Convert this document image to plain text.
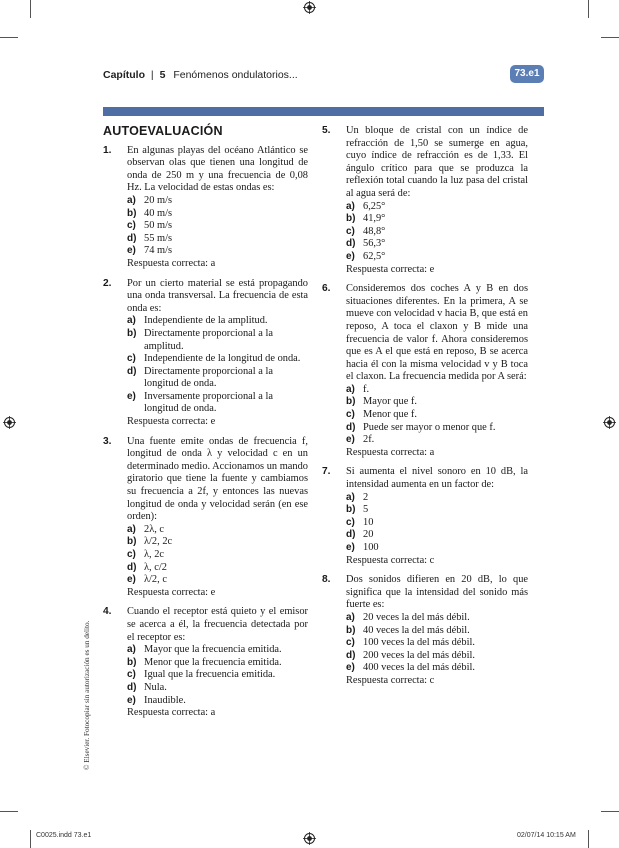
Capítulo | 5 Fenómenos ondulatorios...	73.e1
AUTOEVALUACIÓN
1. En algunas playas del océano Atlántico se observan olas que tienen una longitud de onda de 250 m y una frecuencia de 0,08 Hz. La velocidad de estas ondas es:
a) 20 m/s
b) 40 m/s
c) 50 m/s
d) 55 m/s
e) 74 m/s
Respuesta correcta: a
2. Por un cierto material se está propagando una onda transversal. La frecuencia de esta onda es:
a) Independiente de la amplitud.
b) Directamente proporcional a la amplitud.
c) Independiente de la longitud de onda.
d) Directamente proporcional a la longitud de onda.
e) Inversamente proporcional a la longitud de onda.
Respuesta correcta: e
3. Una fuente emite ondas de frecuencia f, longitud de onda λ y velocidad c en un determinado medio. Accionamos un mando giratorio que tiene la fuente y cambiamos su frecuencia a 2f, y entonces las nuevas longitud de onda y velocidad serán (en ese orden):
a) 2λ, c
b) λ/2, 2c
c) λ, 2c
d) λ, c/2
e) λ/2, c
Respuesta correcta: e
4. Cuando el receptor está quieto y el emisor se acerca a él, la frecuencia detectada por el receptor es:
a) Mayor que la frecuencia emitida.
b) Menor que la frecuencia emitida.
c) Igual que la frecuencia emitida.
d) Nula.
e) Inaudible.
Respuesta correcta: a
5. Un bloque de cristal con un índice de refracción de 1,50 se sumerge en agua, cuyo índice de refracción es de 1,33. El ángulo crítico para que se produzca la reflexión total cuando la luz pasa del cristal al agua será de:
a) 6,25°
b) 41,9°
c) 48,8°
d) 56,3°
e) 62,5°
Respuesta correcta: e
6. Consideremos dos coches A y B en dos situaciones diferentes. En la primera, A se mueve con velocidad v hacia B, que está en reposo, A toca el claxon y B mide una frecuencia de valor f. Ahora consideremos que es A el que está en reposo, B se acerca hacia él con la misma velocidad v y B toca el claxon. La frecuencia medida por A será:
a) f.
b) Mayor que f.
c) Menor que f.
d) Puede ser mayor o menor que f.
e) 2f.
Respuesta correcta: a
7. Si aumenta el nivel sonoro en 10 dB, la intensidad aumenta en un factor de:
a) 2
b) 5
c) 10
d) 20
e) 100
Respuesta correcta: c
8. Dos sonidos difieren en 20 dB, lo que significa que la intensidad del sonido más fuerte es:
a) 20 veces la del más débil.
b) 40 veces la del más débil.
c) 100 veces la del más débil.
d) 200 veces la del más débil.
e) 400 veces la del más débil.
Respuesta correcta: c
© Elsevier. Fotocopiar sin autorización es un delito.
C0025.indd 73.e1	02/07/14 10:15 AM
